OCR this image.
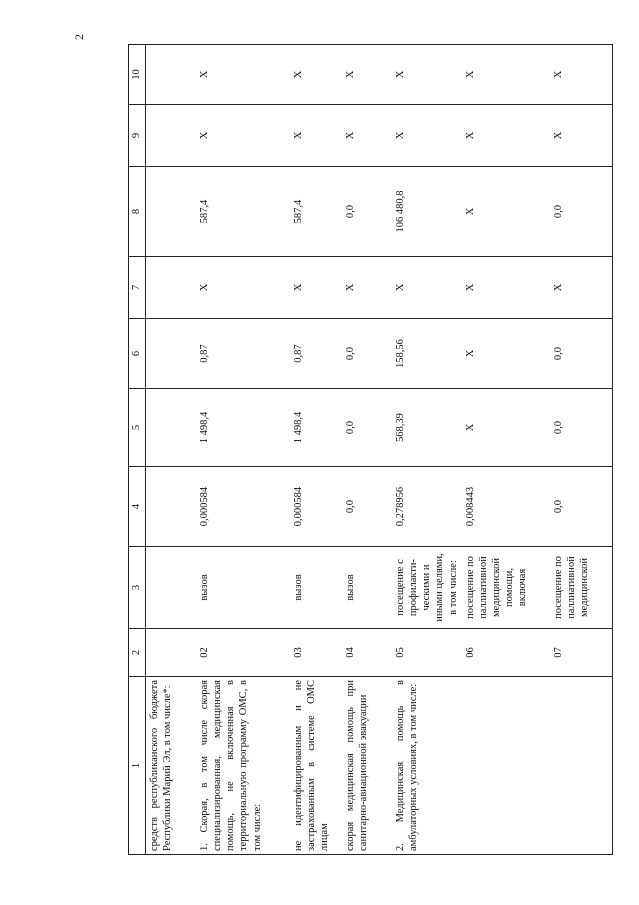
2
1	2	3	4	5	6	7	8	9	10
средств республиканского бюджета Республики Марий Эл, в том числе*:									
1. Скорая, в том числе скорая специализированная, медицинская помощь, не включенная в территориальную программу ОМС, в том числе:	02	вызов	0,000584	1 498,4	0,87	X	587,4	X	X
не идентифицированным и не застрахованным в системе ОМС лицам	03	вызов	0,000584	1 498,4	0,87	X	587,4	X	X
скорая медицинская помощь при санитарно-авиационной эвакуации	04	вызов	0,0	0,0	0,0	X	0,0	X	X
2. Медицинская помощь в амбулаторных условиях, в том числе:	05	посещение с профилакти-ческими и иными целями, в том числе:	0,278956	568,39	158,56	X	106 480,8	X	X
	06	посещение по паллиативной медицинской помощи, включая	0,008443	X	X	X	X	X	X
	07	посещение по паллиативной медицинской	0,0	0,0	0,0	X	0,0	X	X
